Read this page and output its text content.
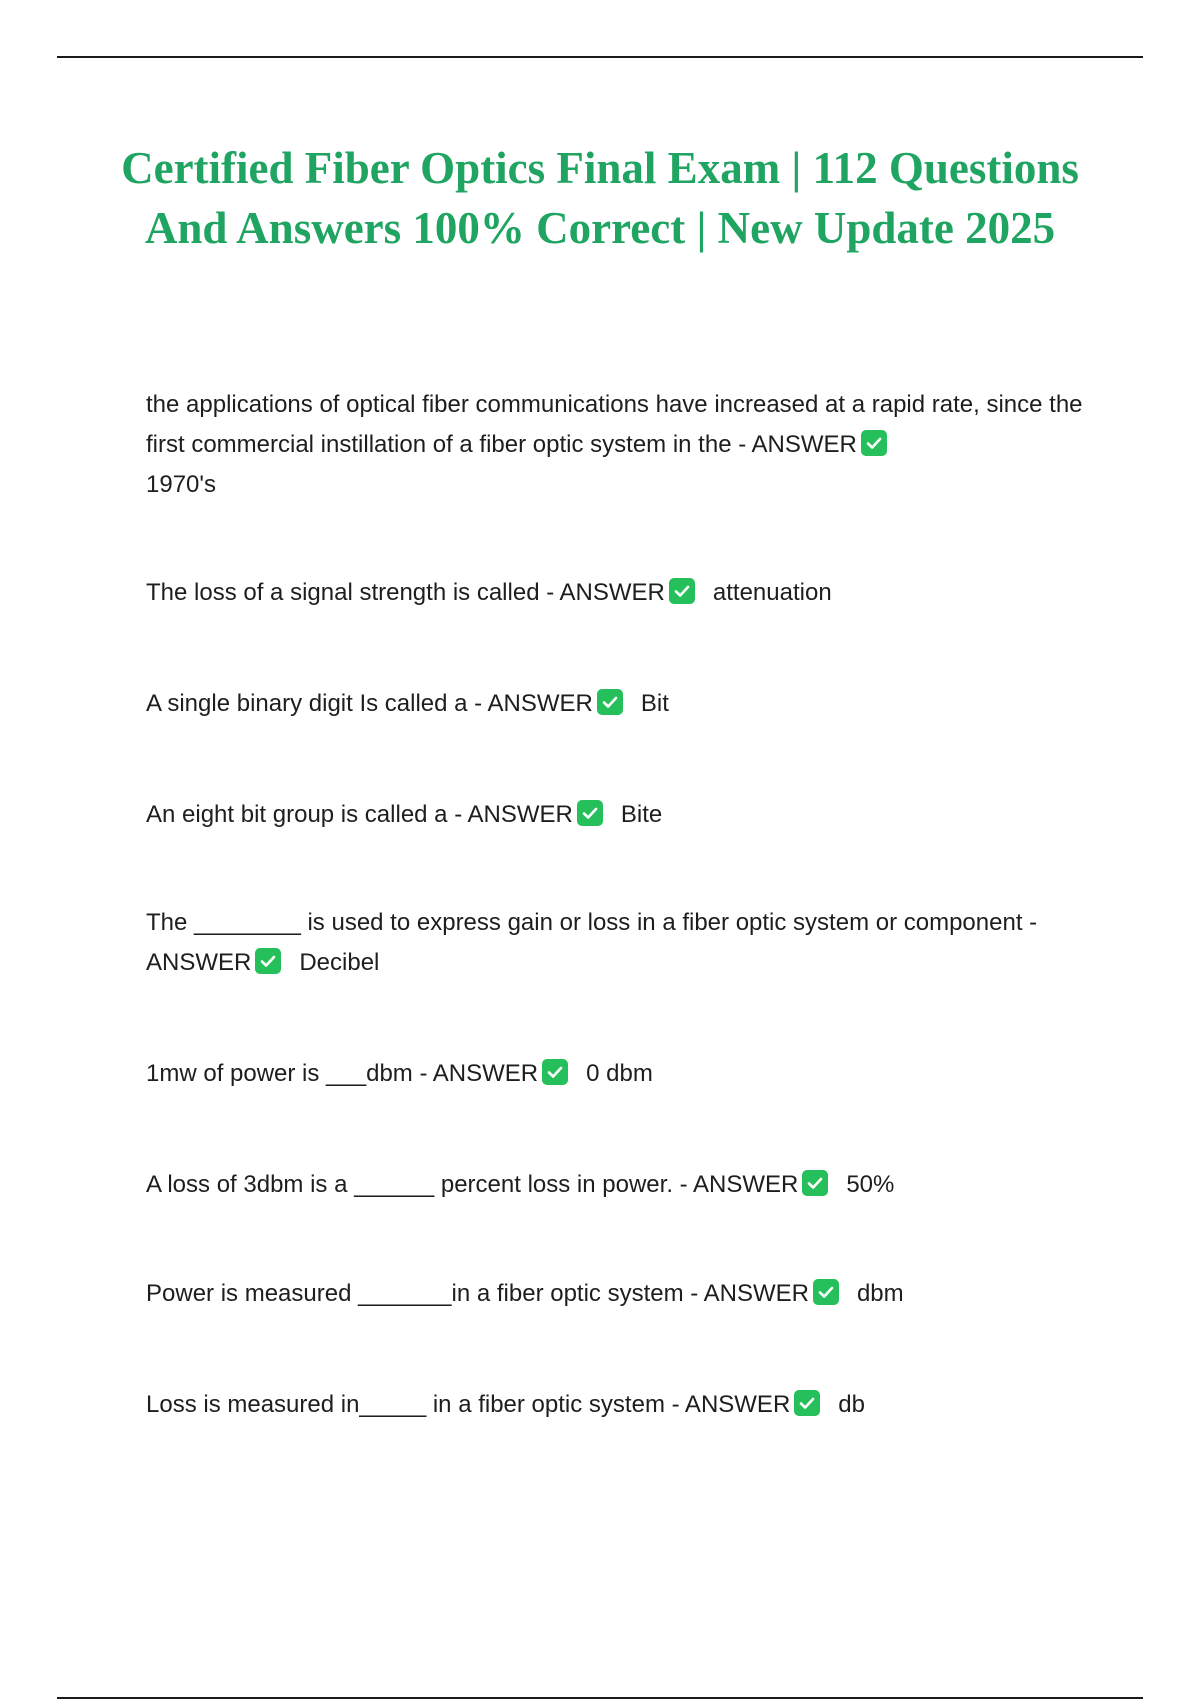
Certified Fiber Optics Final Exam | 112 Questions And Answers 100% Correct | New Update 2025

the applications of optical fiber communications have increased at a rapid rate, since the first commercial instillation of a fiber optic system in the - ANSWER

1970's

The loss of a signal strength is called - ANSWER attenuation

A single binary digit Is called a - ANSWER Bit

An eight bit group is called a - ANSWER Bite

The ________ is used to express gain or loss in a fiber optic system or component - ANSWER Decibel

1mw of power is ___dbm - ANSWER 0 dbm

A loss of 3dbm is a ______ percent loss in power. - ANSWER 50%

Power is measured _______in a fiber optic system - ANSWER dbm

Loss is measured in_____ in a fiber optic system - ANSWER db
